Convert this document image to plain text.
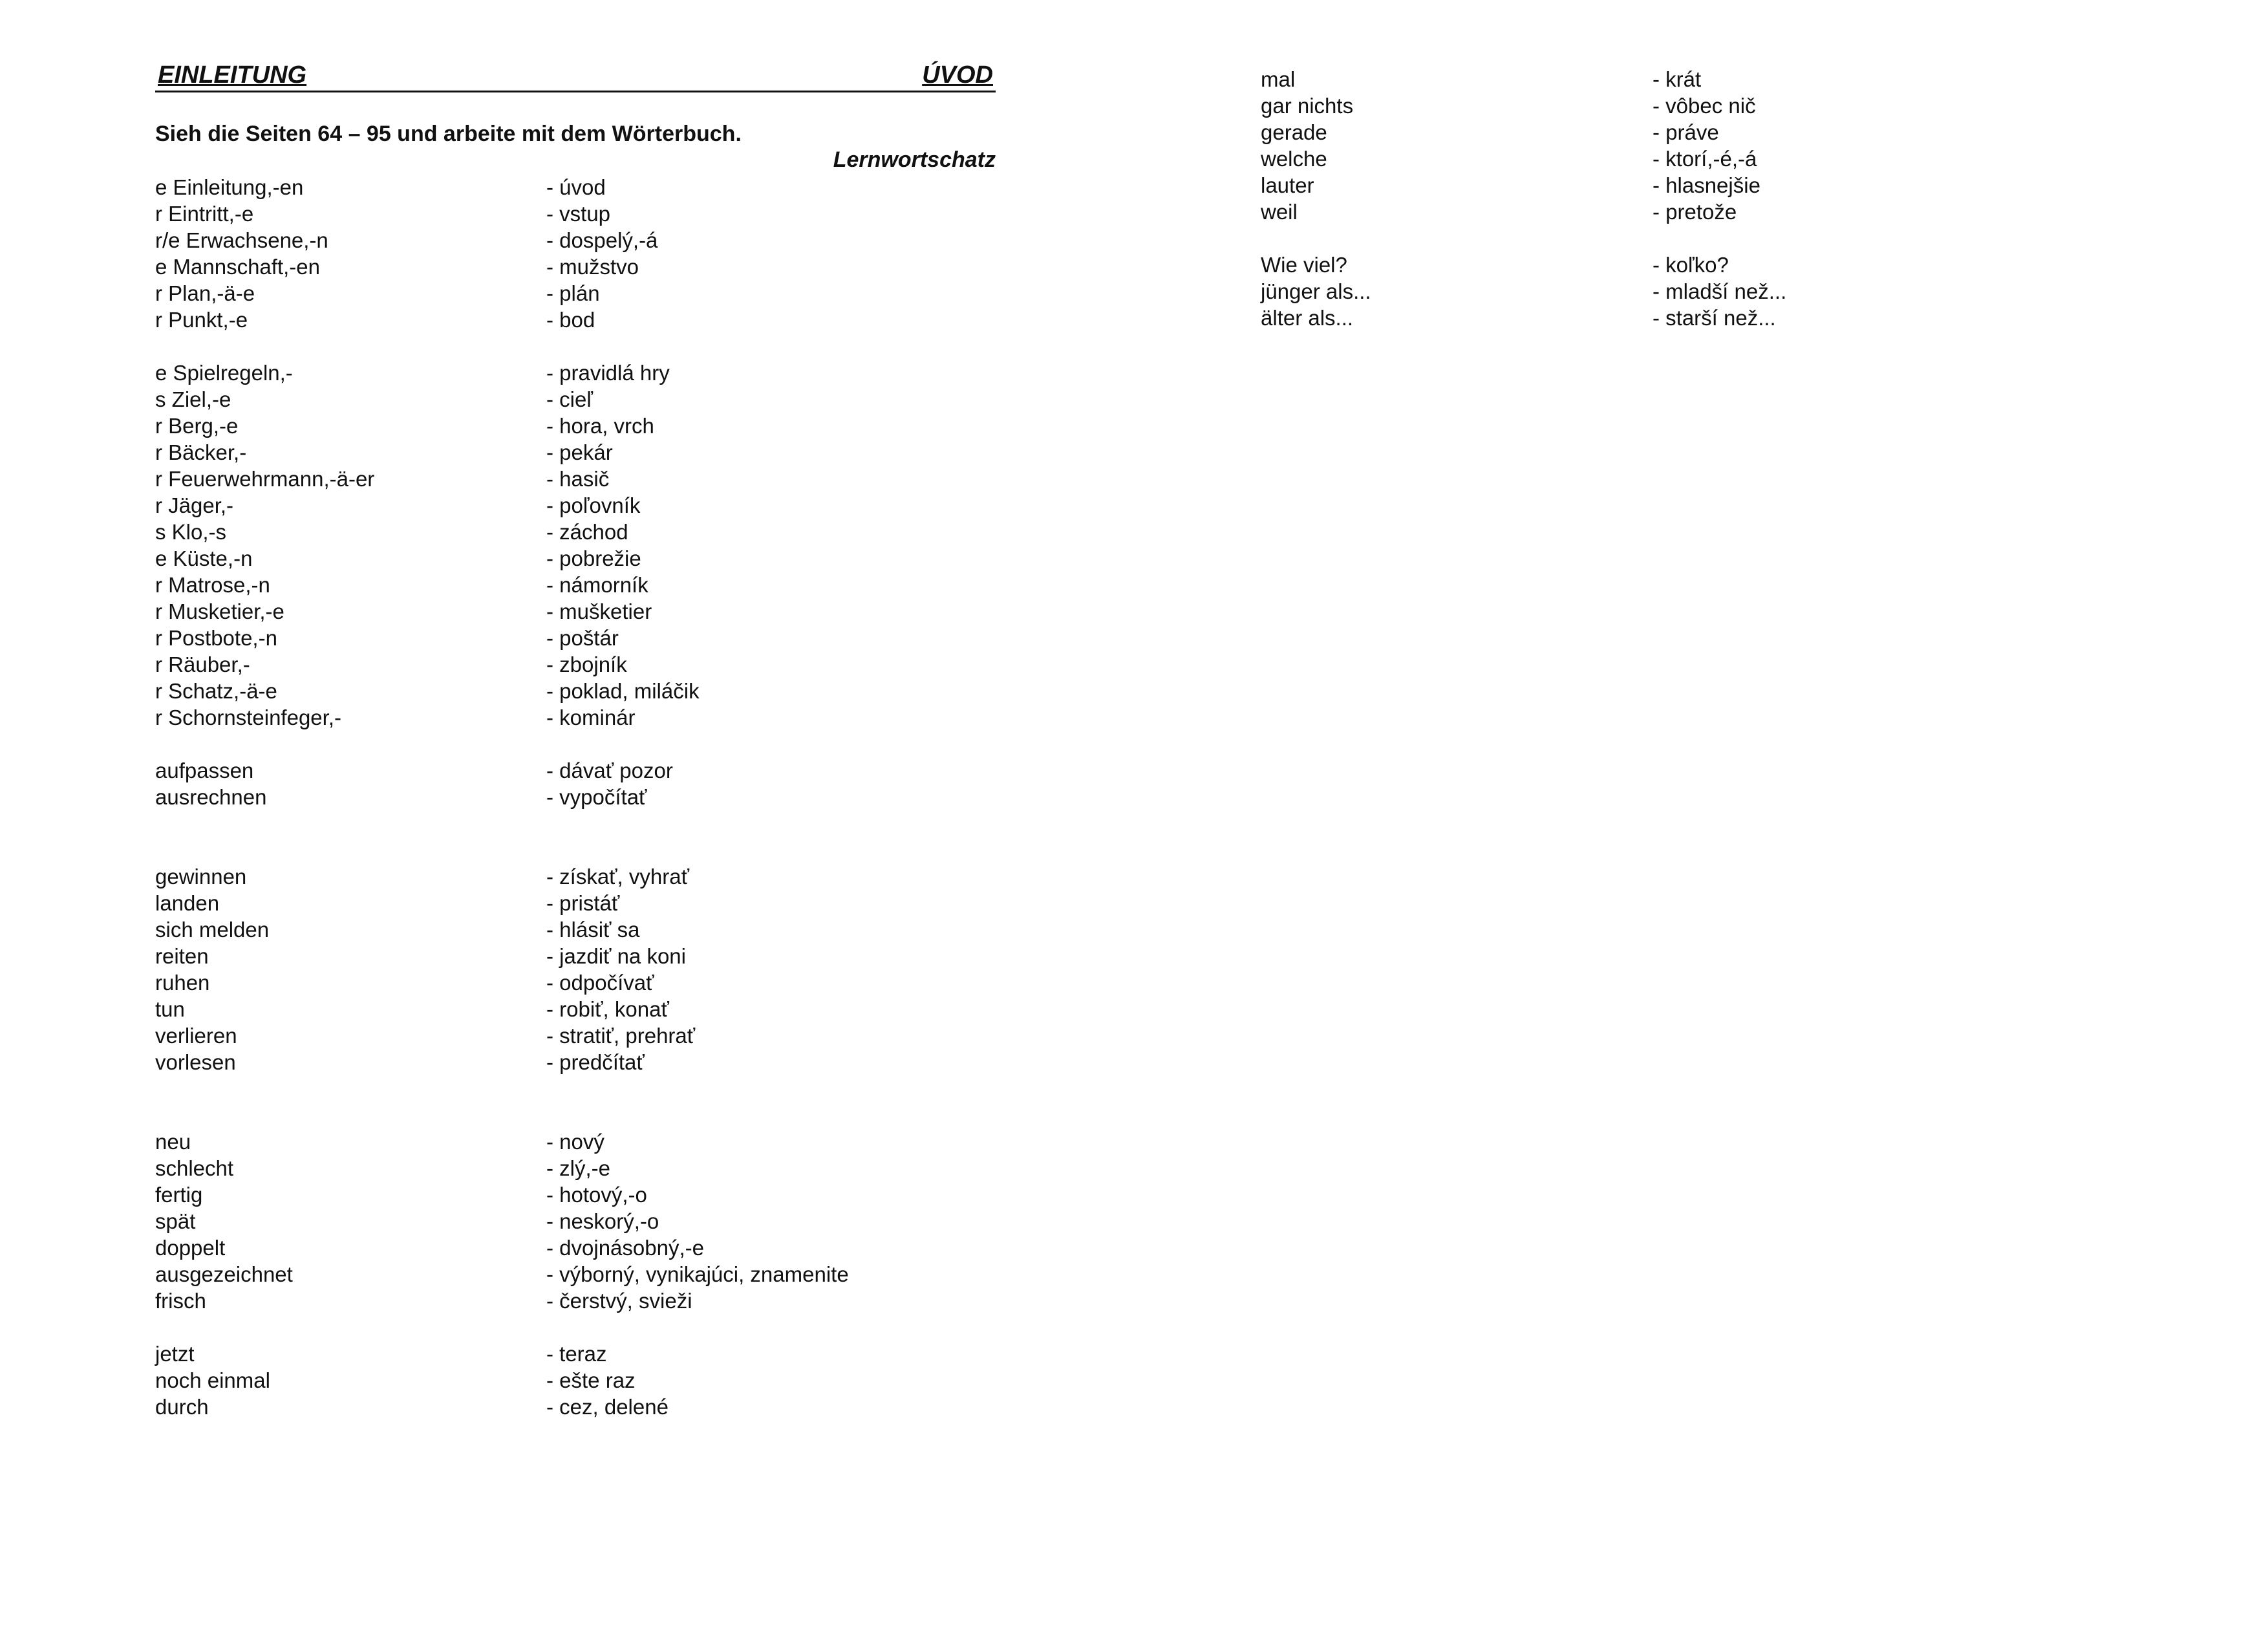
EINLEITUNG	ÚVOD
Sieh die Seiten 64 – 95 und arbeite mit dem Wörterbuch.
Lernwortschatz
e Einleitung,-en	- úvod
r Eintritt,-e	- vstup
r/e Erwachsene,-n	- dospelý,-á
e Mannschaft,-en	- mužstvo
r Plan,-ä-e	- plán
r Punkt,-e	- bod
e Spielregeln,-	- pravidlá hry
s Ziel,-e	- cieľ
r Berg,-e	- hora, vrch
r Bäcker,-	- pekár
r Feuerwehrmann,-ä-er	- hasič
r Jäger,-	- poľovník
s Klo,-s	- záchod
e Küste,-n	- pobrežie
r Matrose,-n	- námorník
r Musketier,-e	- mušketier
r Postbote,-n	- poštár
r Räuber,-	- zbojník
r Schatz,-ä-e	- poklad, miláčik
r Schornsteinfeger,-	- kominár
aufpassen	- dávať pozor
ausrechnen	- vypočítať
gewinnen	- získať, vyhrať
landen	- pristáť
sich melden	- hlásiť sa
reiten	- jazdiť na koni
ruhen	- odpočívať
tun	- robiť, konať
verlieren	- stratiť, prehrať
vorlesen	- predčítať
neu	- nový
schlecht	- zlý,-e
fertig	- hotový,-o
spät	- neskorý,-o
doppelt	- dvojnásobný,-e
ausgezeichnet	- výborný, vynikajúci, znamenite
frisch	- čerstvý, svieži
jetzt	- teraz
noch einmal	- ešte raz
durch	- cez, delené
mal	- krát
gar nichts	- vôbec nič
gerade	- práve
welche	- ktorí,-é,-á
lauter	- hlasnejšie
weil	- pretože
Wie viel?	- koľko?
jünger als...	- mladší než...
älter als...	- starší než...
